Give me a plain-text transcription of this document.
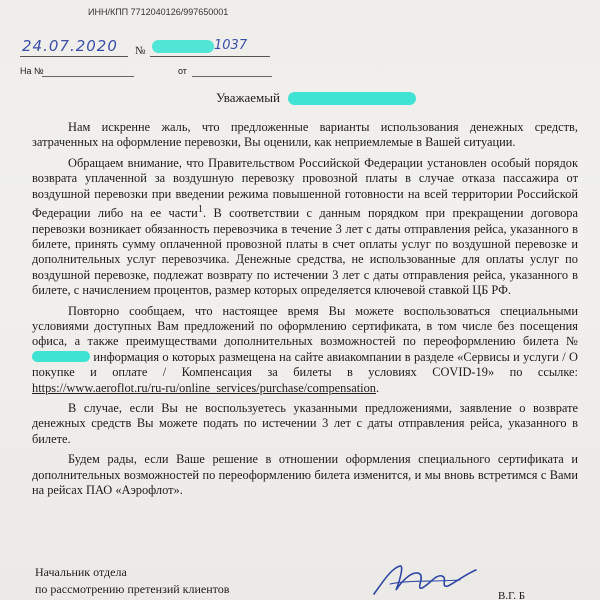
ИНН/КПП 7712040126/997650001
24.07.2020 №	1037
На №	от
Уважаемый

Нам искренне жаль, что предложенные варианты использования денежных средств, затраченных на оформление перевозки, Вы оценили, как неприемлемые в Вашей ситуации.

Обращаем внимание, что Правительством Российской Федерации установлен особый порядок возврата уплаченной за воздушную перевозку провозной платы в случае отказа пассажира от воздушной перевозки при введении режима повышенной готовности на всей территории Российской Федерации либо на ее части$^1$. В соответствии с данным порядком при прекращении договора перевозки возникает обязанность перевозчика в течение 3 лет с даты отправления рейса, указанного в билете, принять сумму оплаченной провозной платы в счет оплаты услуг по воздушной перевозке и дополнительных услуг перевозчика. Денежные средства, не использованные для оплаты услуг по воздушной перевозке, подлежат возврату по истечении 3 лет с даты отправления рейса, указанного в билете, с начислением процентов, размер которых определяется ключевой ставкой ЦБ РФ.

Повторно сообщаем, что настоящее время Вы можете воспользоваться специальными условиями доступных Вам предложений по оформлению сертификата, в том числе без посещения офиса, а также преимуществами дополнительных возможностей по переоформлению билета № информация о которых размещена на сайте авиакомпании в разделе «Сервисы и услуги / О покупке и оплате / Компенсация за билеты в условиях COVID-19» по ссылке: https://www.aeroflot.ru/ru-ru/online_services/purchase/compensation.

В случае, если Вы не воспользуетесь указанными предложениями, заявление о возврате денежных средств Вы можете подать по истечении 3 лет с даты отправления рейса, указанного в билете.

Будем рады, если Ваше решение в отношении оформления специального сертификата и дополнительных возможностей по переоформлению билета изменится, и мы вновь встретимся с Вами на рейсах ПАО «Аэрофлот».

Начальник отдела
по рассмотрению претензий клиентов	В.Г. Б
